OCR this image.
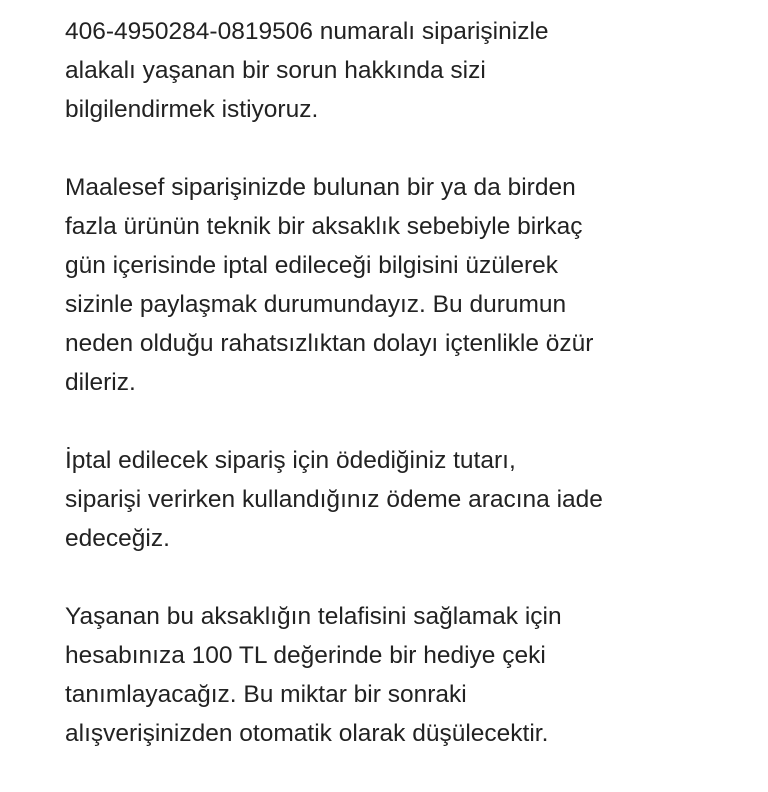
406-4950284-0819506 numaralı siparişinizle
alakalı yaşanan bir sorun hakkında sizi
bilgilendirmek istiyoruz.

Maalesef siparişinizde bulunan bir ya da birden
fazla ürünün teknik bir aksaklık sebebiyle birkaç
gün içerisinde iptal edileceği bilgisini üzülerek
sizinle paylaşmak durumundayız. Bu durumun
neden olduğu rahatsızlıktan dolayı içtenlikle özür
dileriz.

İptal edilecek sipariş için ödediğiniz tutarı,
siparişi verirken kullandığınız ödeme aracına iade
edeceğiz.

Yaşanan bu aksaklığın telafisini sağlamak için
hesabınıza 100 TL değerinde bir hediye çeki
tanımlayacağız. Bu miktar bir sonraki
alışverişinizden otomatik olarak düşülecektir.
